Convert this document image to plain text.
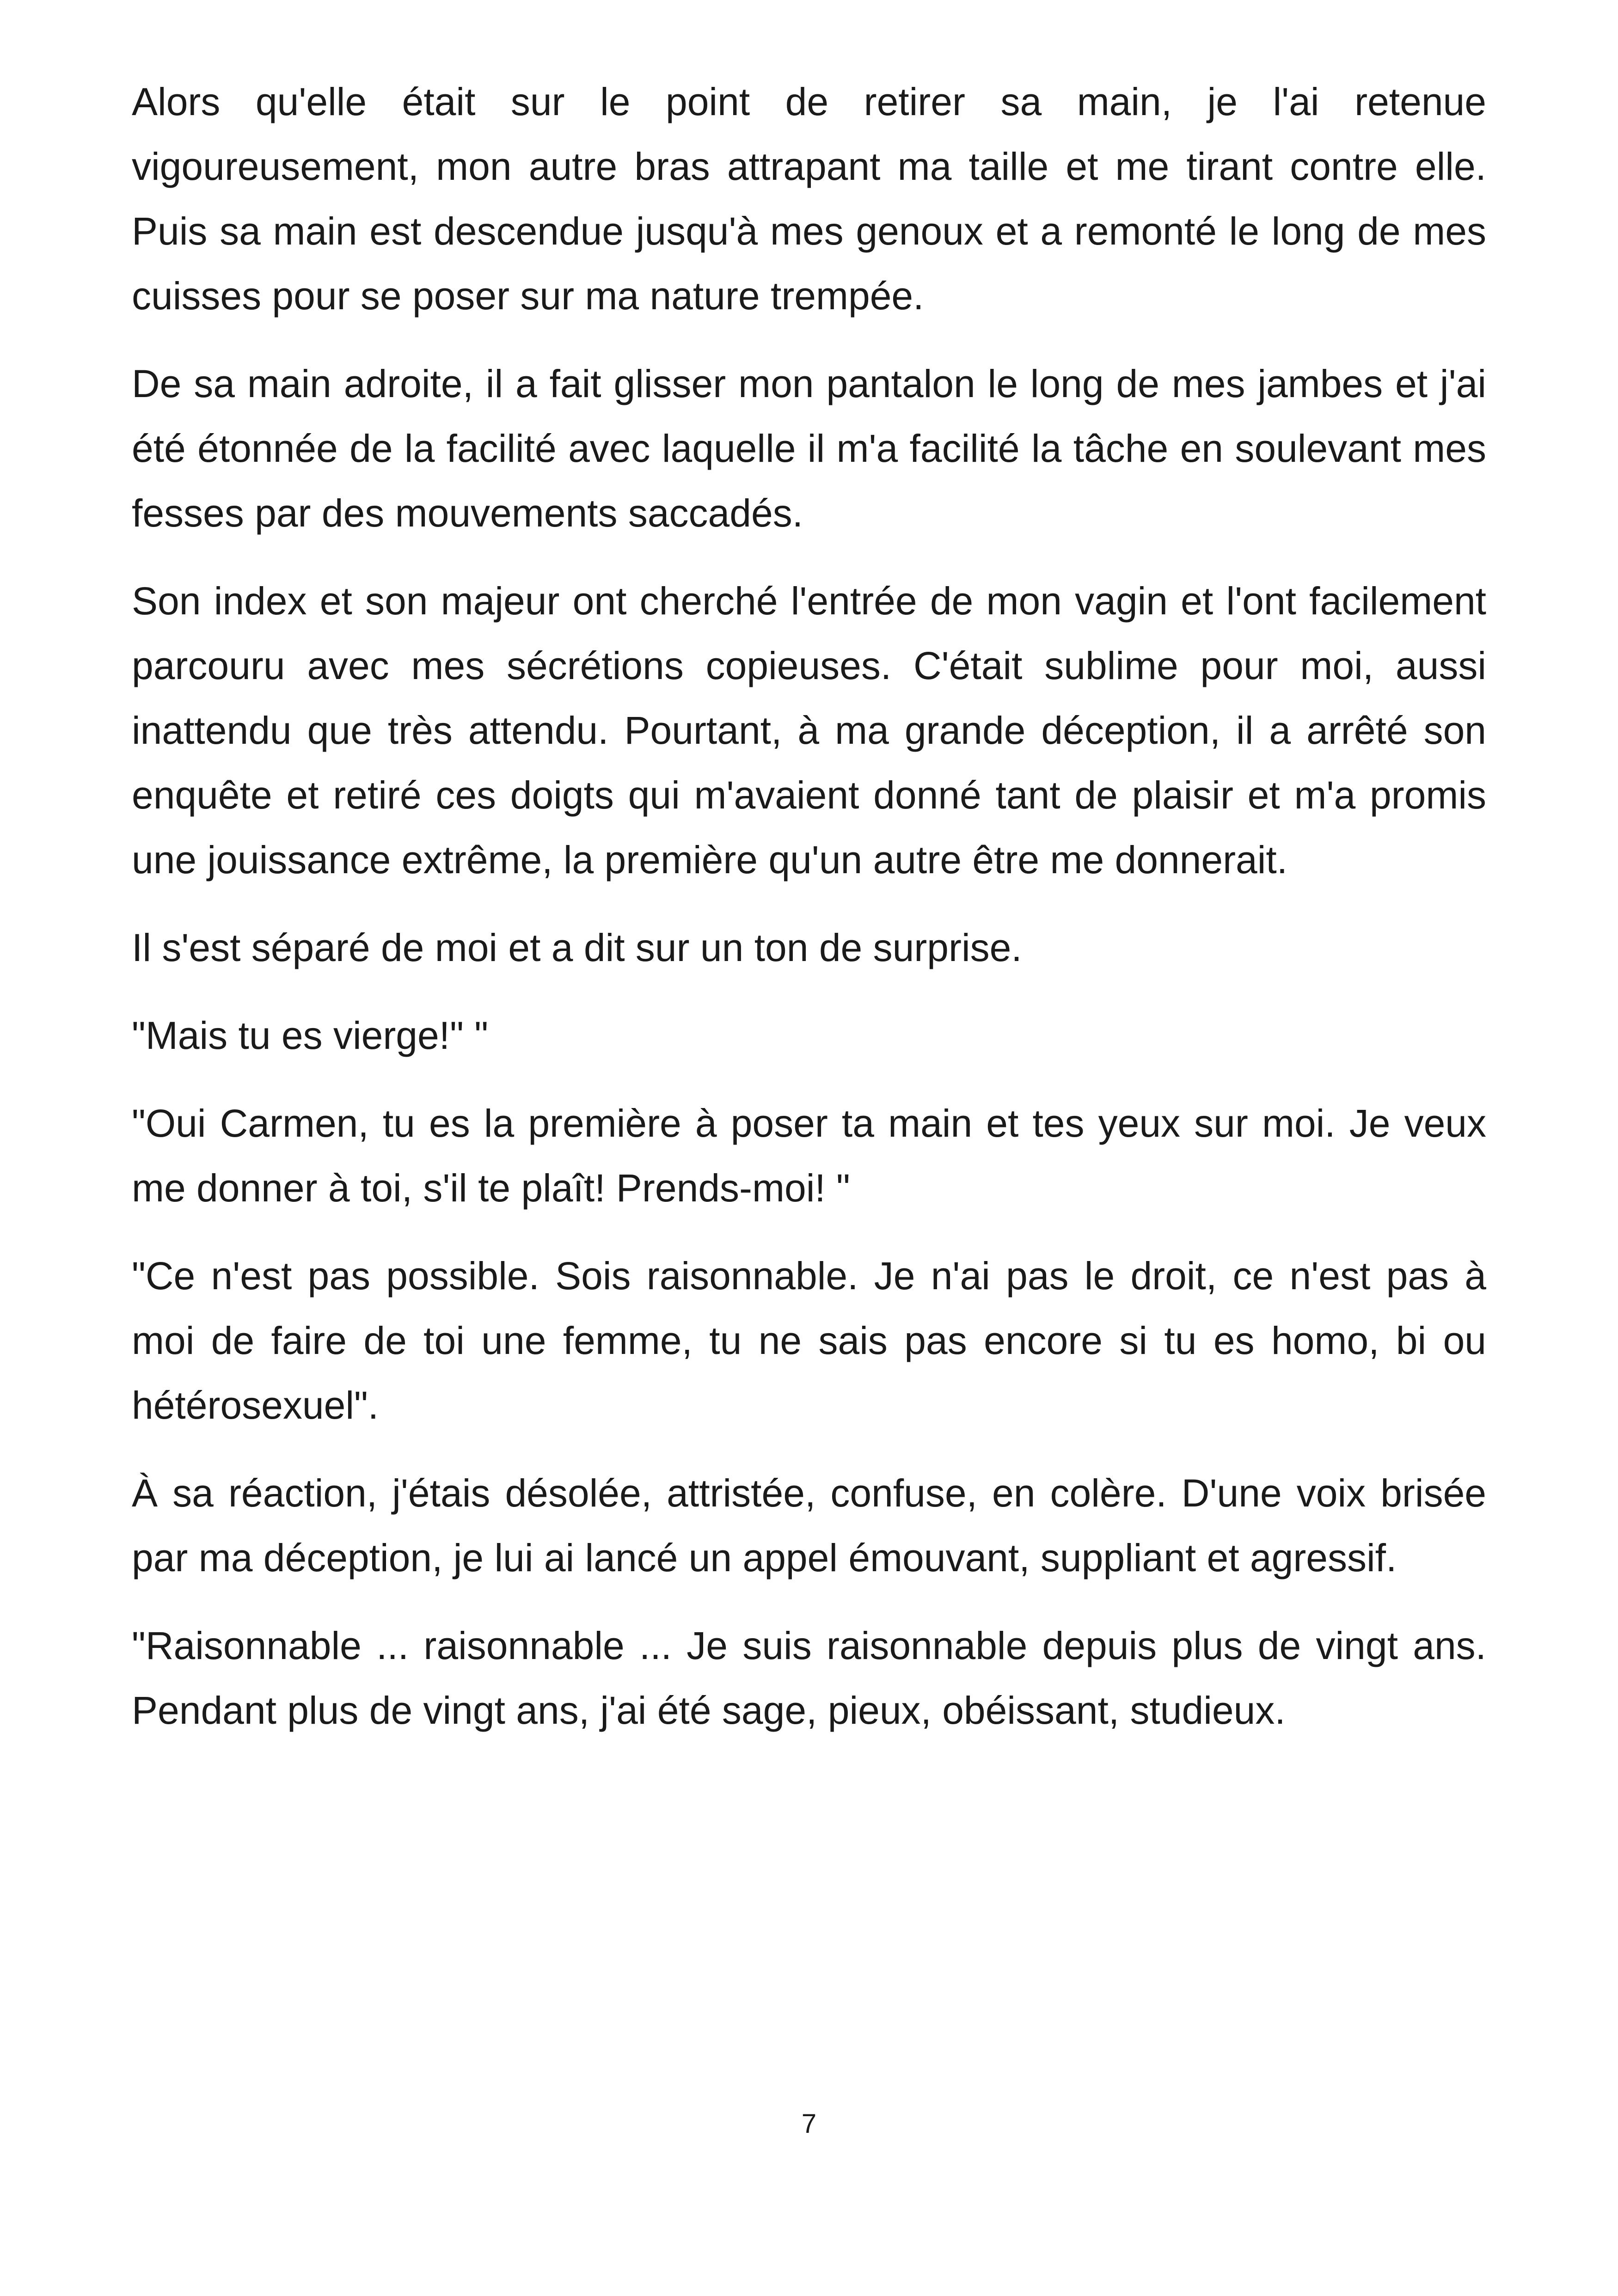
Alors qu'elle était sur le point de retirer sa main, je l'ai retenue vigoureusement, mon autre bras attrapant ma taille et me tirant contre elle. Puis sa main est descendue jusqu'à mes genoux et a remonté le long de mes cuisses pour se poser sur ma nature trempée.

De sa main adroite, il a fait glisser mon pantalon le long de mes jambes et j'ai été étonnée de la facilité avec laquelle il m'a facilité la tâche en soulevant mes fesses par des mouvements saccadés.

Son index et son majeur ont cherché l'entrée de mon vagin et l'ont facilement parcouru avec mes sécrétions copieuses. C'était sublime pour moi, aussi inattendu que très attendu. Pourtant, à ma grande déception, il a arrêté son enquête et retiré ces doigts qui m'avaient donné tant de plaisir et m'a promis une jouissance extrême, la première qu'un autre être me donnerait.

Il s'est séparé de moi et a dit sur un ton de surprise.

"Mais tu es vierge!" "

"Oui Carmen, tu es la première à poser ta main et tes yeux sur moi. Je veux me donner à toi, s'il te plaît! Prends-moi! "

"Ce n'est pas possible. Sois raisonnable. Je n'ai pas le droit, ce n'est pas à moi de faire de toi une femme, tu ne sais pas encore si tu es homo, bi ou hétérosexuel".

À sa réaction, j'étais désolée, attristée, confuse, en colère. D'une voix brisée par ma déception, je lui ai lancé un appel émouvant, suppliant et agressif.

"Raisonnable ... raisonnable ... Je suis raisonnable depuis plus de vingt ans. Pendant plus de vingt ans, j'ai été sage, pieux, obéissant, studieux.

7
